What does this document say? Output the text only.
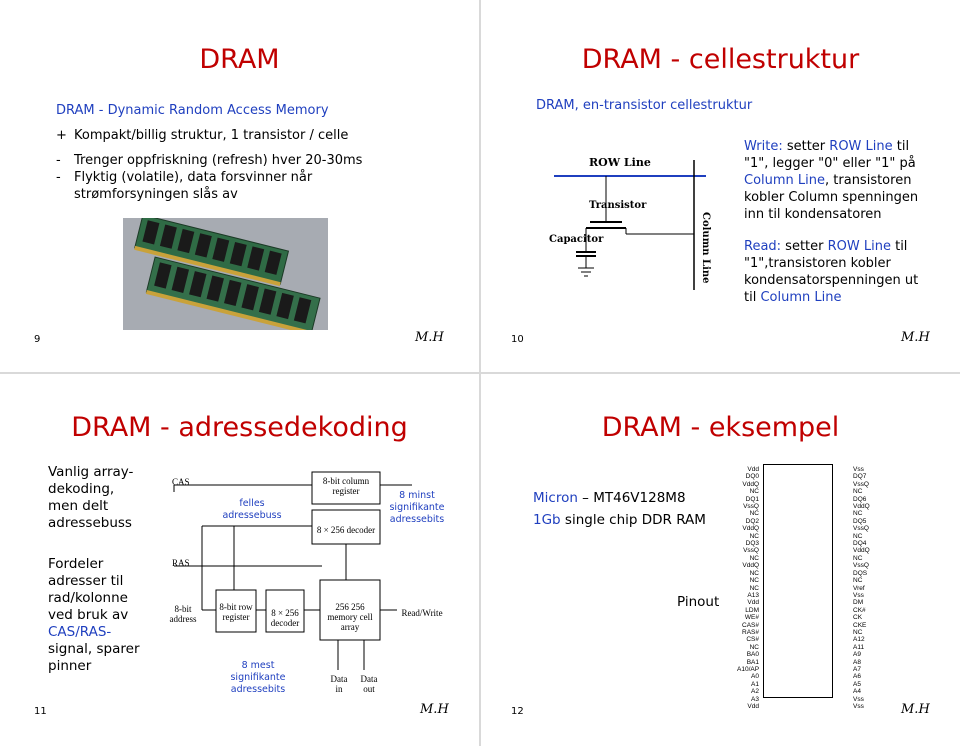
DRAM
DRAM - Dynamic Random Access Memory
+ Kompakt/billig struktur, 1 transistor / celle
- Trenger oppfriskning (refresh) hver 20-30ms
- Flyktig (volatile), data forsvinner når strømforsyningen slås av
9	M.H
DRAM - cellestruktur
DRAM, en-transistor cellestruktur
ROW Line
Transistor
Capacitor	Column Line
Write: setter ROW Line til
"1", legger "0" eller "1" på
Column Line, transistoren
kobler Column spenningen
inn til kondensatoren
Read: setter ROW Line til
"1",transistoren kobler
kondensatorspenningen ut
til Column Line
10	M.H
DRAM - adressedekoding
Vanlig array-dekoding, men delt adressebuss
Fordeler adresser til rad/kolonne ved bruk av CAS/RAS- signal, sparer pinner
CAS
RAS
8-bit address
8-bit row register	8 × 256 decoder
8-bit column register
8 × 256 decoder
256 256 memory cell array
Read/Write
Data in
Data out
felles adressebuss
8 minst signifikante adressebits
8 mest signifikante adressebits
11	M.H
DRAM - eksempel
Micron – MT46V128M8
1Gb single chip DDR RAM
Pinout
Vdd
DQ0
VddQ
NC
DQ1
VssQ
NC
DQ2
VddQ
NC
DQ3
VssQ
NC
VddQ
NC
NC
NC
A13
Vdd
LDM
WE#
CAS#
RAS#
CS#
NC
BA0
BA1
A10/AP
A0
A1
A2
A3
Vdd
Vss
DQ7
VssQ
NC
DQ6
VddQ
NC
DQ5
VssQ
NC
DQ4
VddQ
NC
VssQ
DQS
NC
Vref
Vss
DM
CK#
CK
CKE
NC
A12
A11
A9
A8
A7
A6
A5
A4
Vss
Vss
12	M.H
